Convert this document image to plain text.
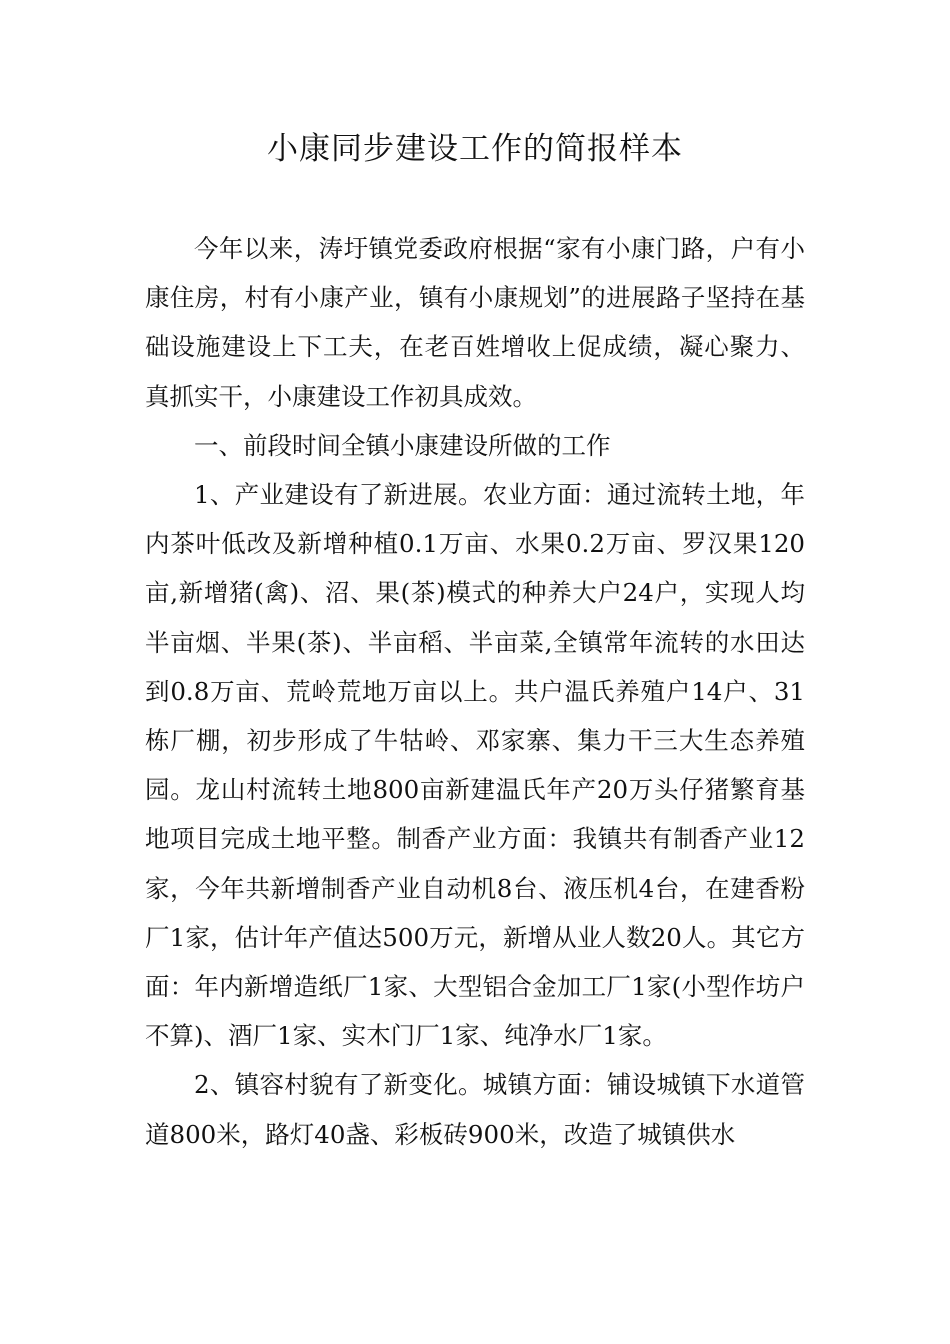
小康同步建设工作的简报样本

今年以来，涛圩镇党委政府根据“家有小康门路，户有小康住房，村有小康产业，镇有小康规划”的进展路子坚持在基础设施建设上下工夫，在老百姓增收上促成绩，凝心聚力、真抓实干，小康建设工作初具成效。

一、前段时间全镇小康建设所做的工作

1、产业建设有了新进展。农业方面：通过流转土地，年内茶叶低改及新增种植0.1万亩、水果0.2万亩、罗汉果120亩,新增猪(禽)、沼、果(茶)模式的种养大户24户，实现人均半亩烟、半果(茶)、半亩稻、半亩菜,全镇常年流转的水田达到0.8万亩、荒岭荒地万亩以上。共户温氏养殖户14户、31栋厂棚，初步形成了牛牯岭、邓家寨、集力干三大生态养殖园。龙山村流转土地800亩新建温氏年产20万头仔猪繁育基地项目完成土地平整。制香产业方面：我镇共有制香产业12家，今年共新增制香产业自动机8台、液压机4台，在建香粉厂1家，估计年产值达500万元，新增从业人数20人。其它方面：年内新增造纸厂1家、大型铝合金加工厂1家(小型作坊户不算)、酒厂1家、实木门厂1家、纯净水厂1家。

2、镇容村貌有了新变化。城镇方面：铺设城镇下水道管道800米，路灯40盏、彩板砖900米，改造了城镇供水
